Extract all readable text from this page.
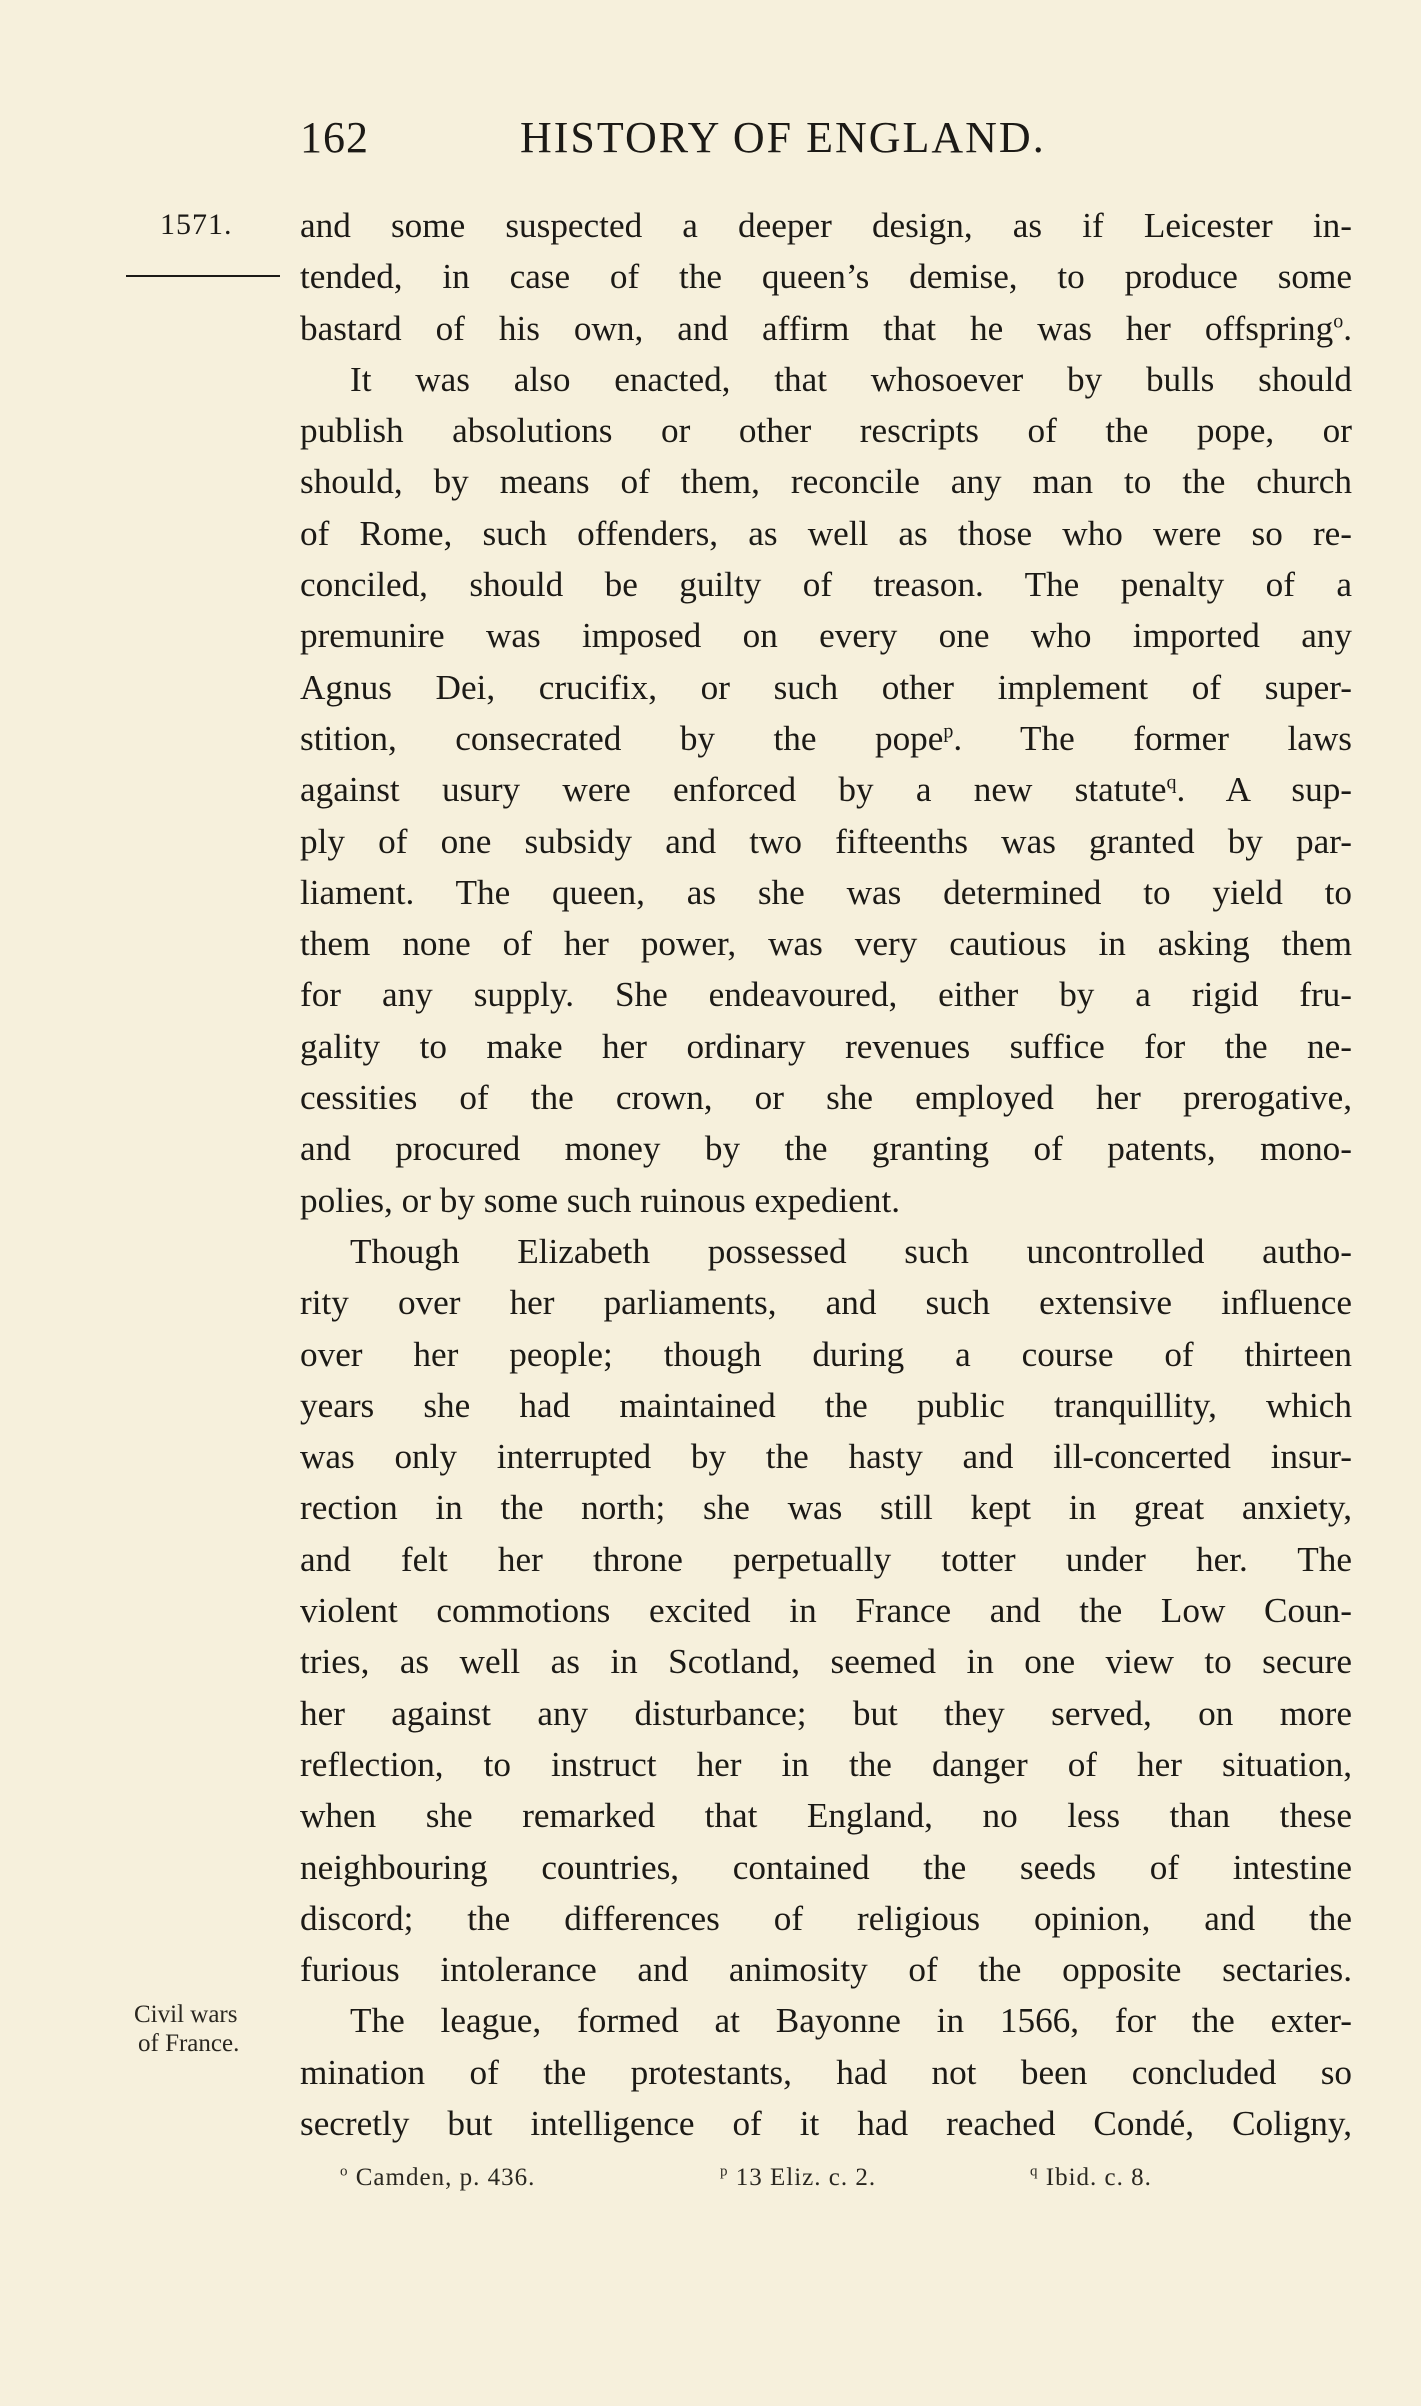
162	HISTORY OF ENGLAND.
1571.
Civil wars
of France.
and some suspected a deeper design, as if Leicester in-
tended, in case of the queen’s demise, to produce some
bastard of his own, and affirm that he was her offspring$^o$.
It was also enacted, that whosoever by bulls should
publish absolutions or other rescripts of the pope, or
should, by means of them, reconcile any man to the church
of Rome, such offenders, as well as those who were so re-
conciled, should be guilty of treason. The penalty of a
premunire was imposed on every one who imported any
Agnus Dei, crucifix, or such other implement of super-
stition, consecrated by the pope$^p$. The former laws
against usury were enforced by a new statute$^q$. A sup-
ply of one subsidy and two fifteenths was granted by par-
liament. The queen, as she was determined to yield to
them none of her power, was very cautious in asking them
for any supply. She endeavoured, either by a rigid fru-
gality to make her ordinary revenues suffice for the ne-
cessities of the crown, or she employed her prerogative,
and procured money by the granting of patents, mono-
polies, or by some such ruinous expedient.
Though Elizabeth possessed such uncontrolled autho-
rity over her parliaments, and such extensive influence
over her people; though during a course of thirteen
years she had maintained the public tranquillity, which
was only interrupted by the hasty and ill-concerted insur-
rection in the north; she was still kept in great anxiety,
and felt her throne perpetually totter under her. The
violent commotions excited in France and the Low Coun-
tries, as well as in Scotland, seemed in one view to secure
her against any disturbance; but they served, on more
reflection, to instruct her in the danger of her situation,
when she remarked that England, no less than these
neighbouring countries, contained the seeds of intestine
discord; the differences of religious opinion, and the
furious intolerance and animosity of the opposite sectaries.
The league, formed at Bayonne in 1566, for the exter-
mination of the protestants, had not been concluded so
secretly but intelligence of it had reached Condé, Coligny,
$^o$ Camden, p. 436.	$^p$ 13 Eliz. c. 2.	$^q$ Ibid. c. 8.
